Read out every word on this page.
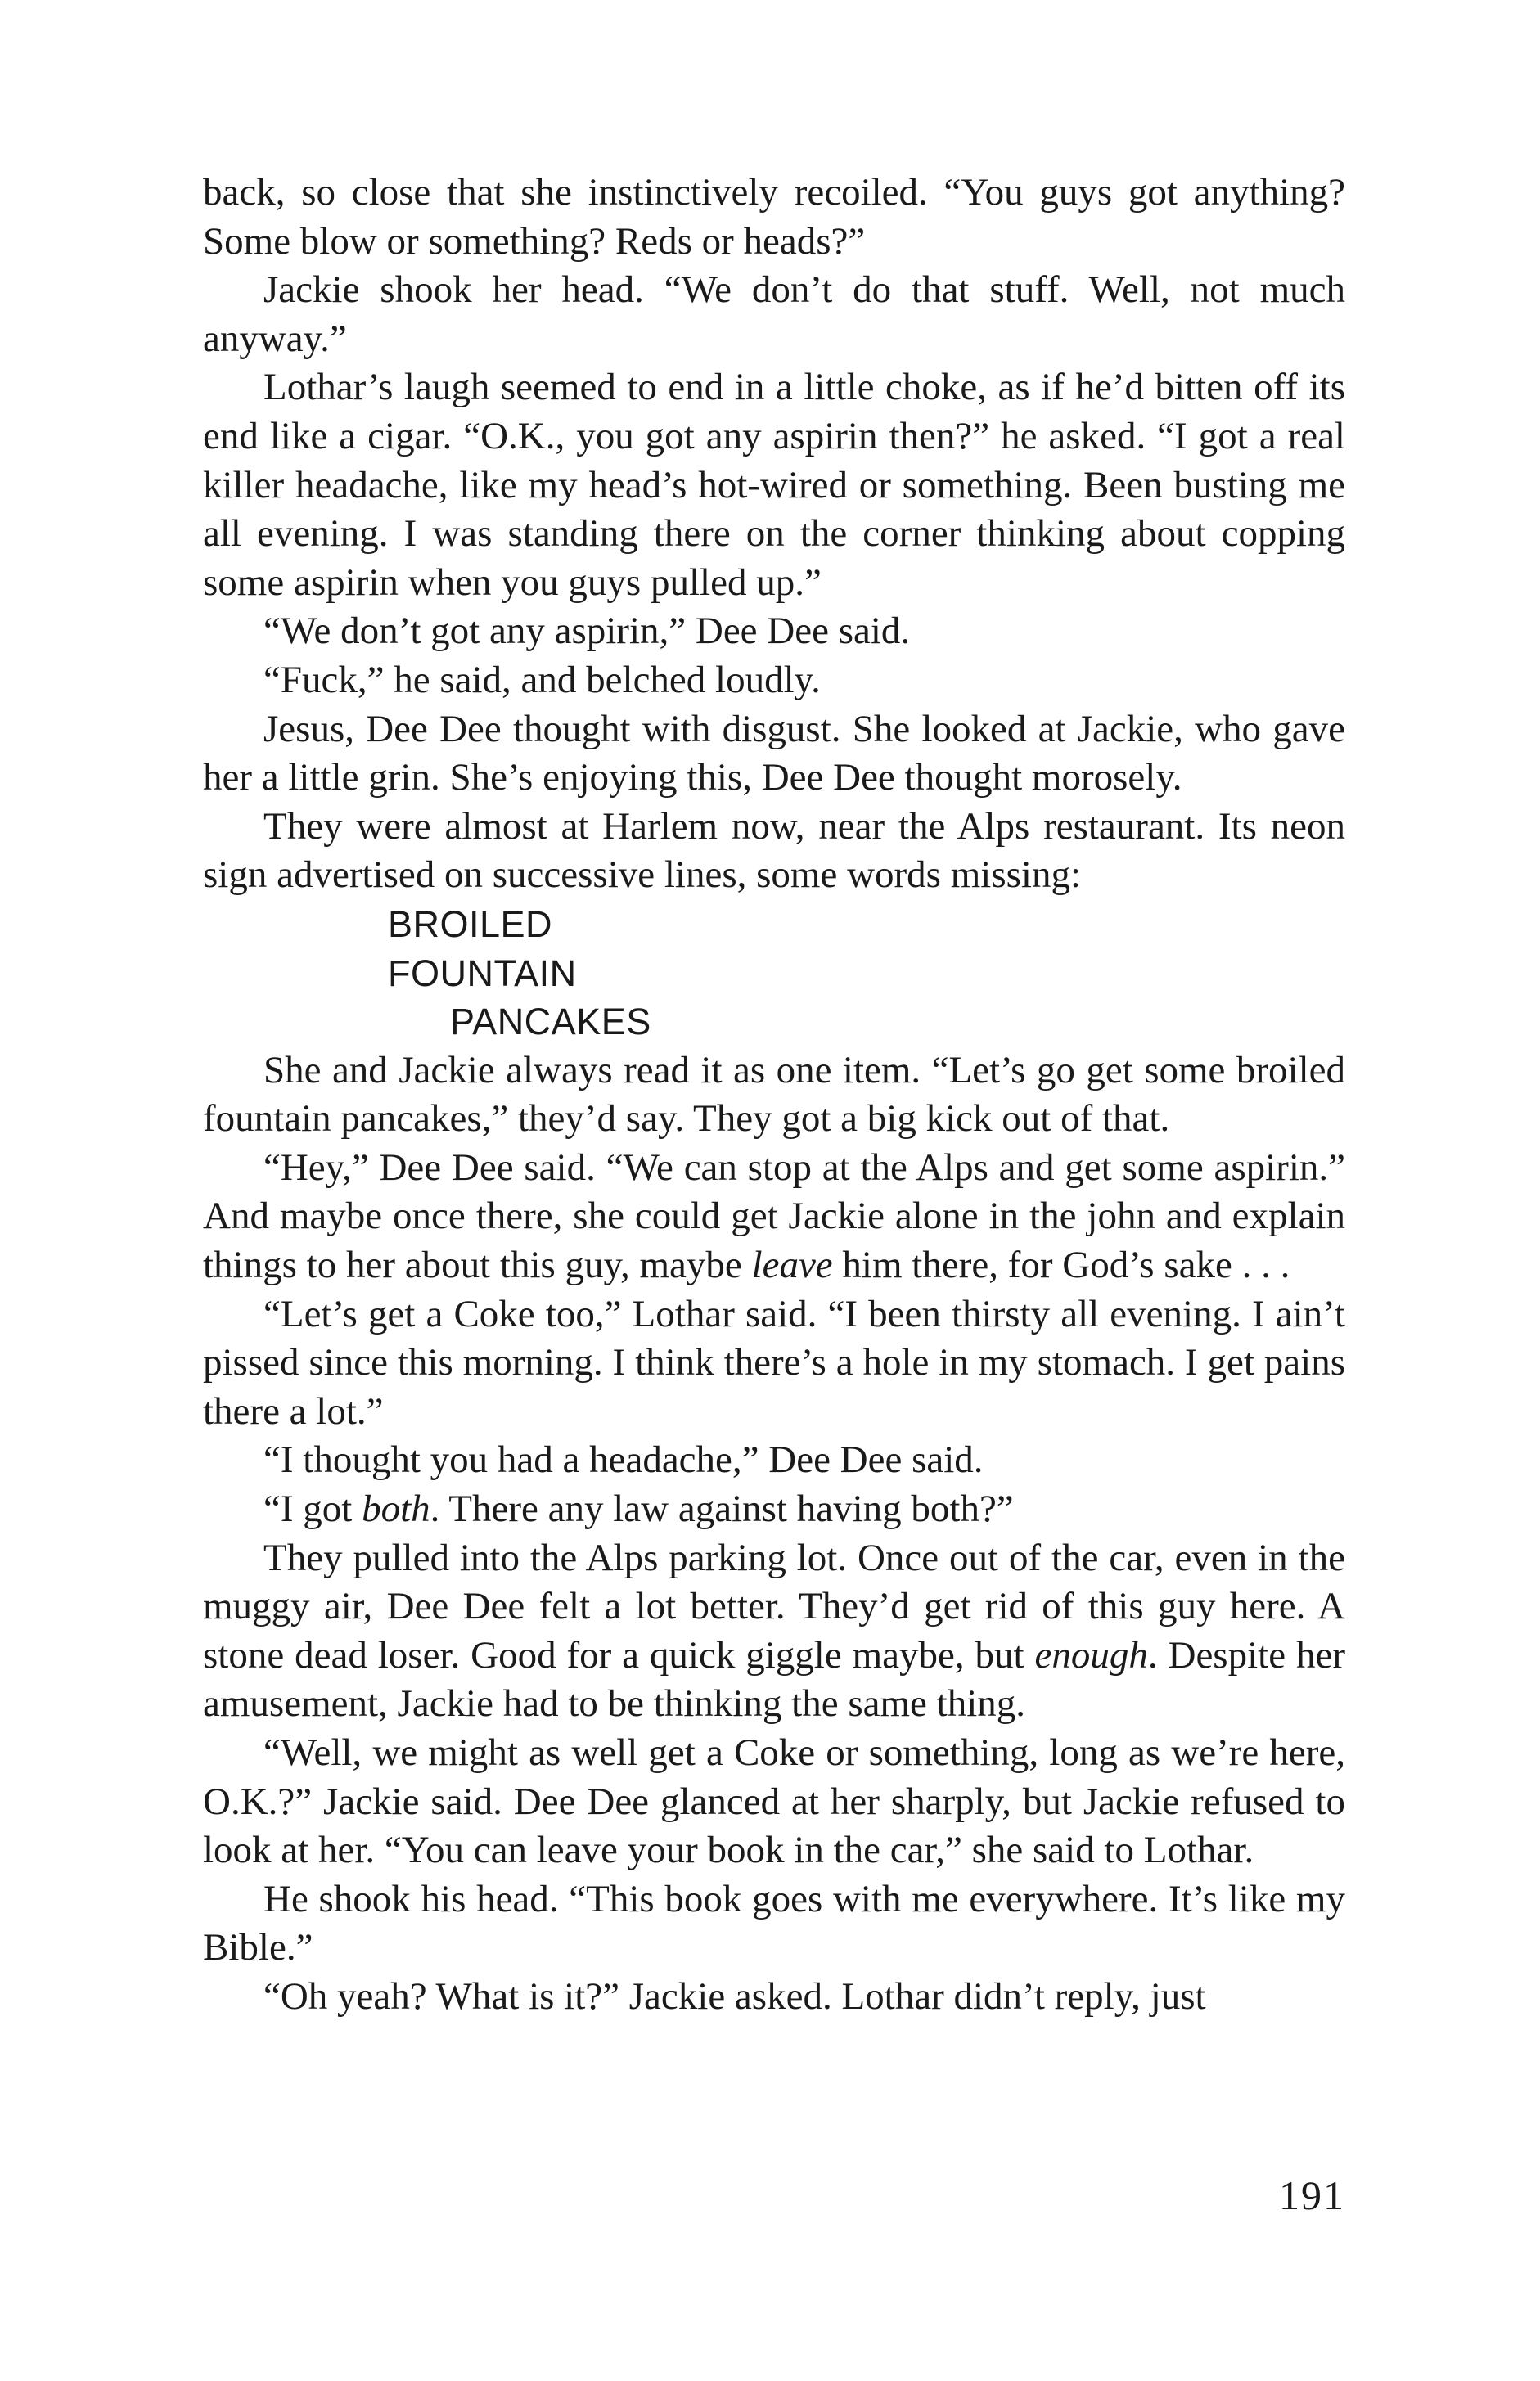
back, so close that she instinctively recoiled. “You guys got anything? Some blow or something? Reds or heads?”

Jackie shook her head. “We don’t do that stuff. Well, not much anyway.”

Lothar’s laugh seemed to end in a little choke, as if he’d bitten off its end like a cigar. “O.K., you got any aspirin then?” he asked. “I got a real killer headache, like my head’s hot-wired or something. Been busting me all evening. I was standing there on the corner thinking about copping some aspirin when you guys pulled up.”

“We don’t got any aspirin,” Dee Dee said.

“Fuck,” he said, and belched loudly.

Jesus, Dee Dee thought with disgust. She looked at Jackie, who gave her a little grin. She’s enjoying this, Dee Dee thought morosely.

They were almost at Harlem now, near the Alps restaurant. Its neon sign advertised on successive lines, some words missing:

BROILED

FOUNTAIN

PANCAKES

She and Jackie always read it as one item. “Let’s go get some broiled fountain pancakes,” they’d say. They got a big kick out of that.

“Hey,” Dee Dee said. “We can stop at the Alps and get some aspirin.” And maybe once there, she could get Jackie alone in the john and explain things to her about this guy, maybe leave him there, for God’s sake . . .

“Let’s get a Coke too,” Lothar said. “I been thirsty all evening. I ain’t pissed since this morning. I think there’s a hole in my stomach. I get pains there a lot.”

“I thought you had a headache,” Dee Dee said.

“I got both. There any law against having both?”

They pulled into the Alps parking lot. Once out of the car, even in the muggy air, Dee Dee felt a lot better. They’d get rid of this guy here. A stone dead loser. Good for a quick giggle maybe, but enough. Despite her amusement, Jackie had to be thinking the same thing.

“Well, we might as well get a Coke or something, long as we’re here, O.K.?” Jackie said. Dee Dee glanced at her sharply, but Jackie refused to look at her. “You can leave your book in the car,” she said to Lothar.

He shook his head. “This book goes with me everywhere. It’s like my Bible.”

“Oh yeah? What is it?” Jackie asked. Lothar didn’t reply, just

191
